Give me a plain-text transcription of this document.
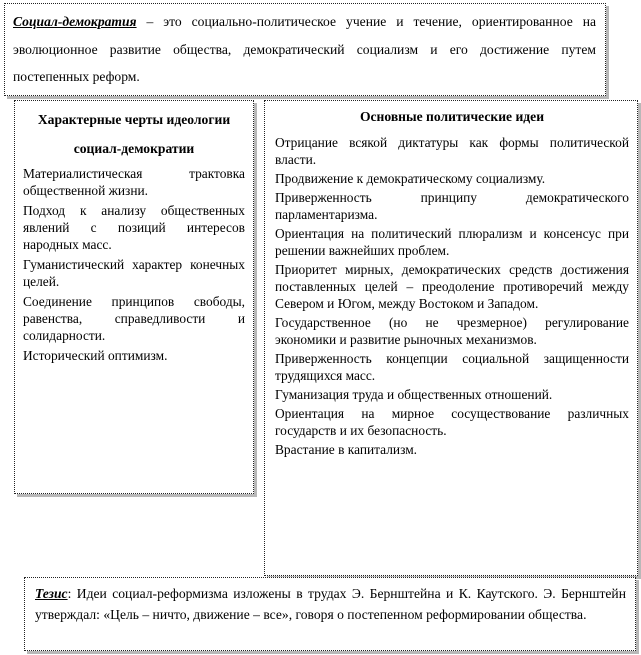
Социал-демократия – это социально-политическое учение и течение, ориентированное на эволюционное развитие общества, демократический социализм и его достижение путем постепенных реформ.

Характерные черты идеологии социал-демократии
Материалистическая трактовка общественной жизни.
Подход к анализу общественных явлений с позиций интересов народных масс.
Гуманистический характер конечных целей.
Соединение принципов свободы, равенства, справедливости и солидарности.
Исторический оптимизм.
Основные политические идеи
Отрицание всякой диктатуры как формы политической власти.
Продвижение к демократическому социализму.
Приверженность принципу демократического парламентаризма.
Ориентация на политический плюрализм и консенсус при решении важнейших проблем.
Приоритет мирных, демократических средств достижения поставленных целей – преодоление противоречий между Севером и Югом, между Востоком и Западом.
Государственное (но не чрезмерное) регулирование экономики и развитие рыночных механизмов.
Приверженность концепции социальной защищенности трудящихся масс.
Гуманизация труда и общественных отношений.
Ориентация на мирное сосуществование различных государств и их безопасность.
Врастание в капитализм.

Тезис: Идеи социал-реформизма изложены в трудах Э. Бернштейна и К. Каутского. Э. Бернштейн утверждал: «Цель – ничто, движение – все», говоря о постепенном реформировании общества.
